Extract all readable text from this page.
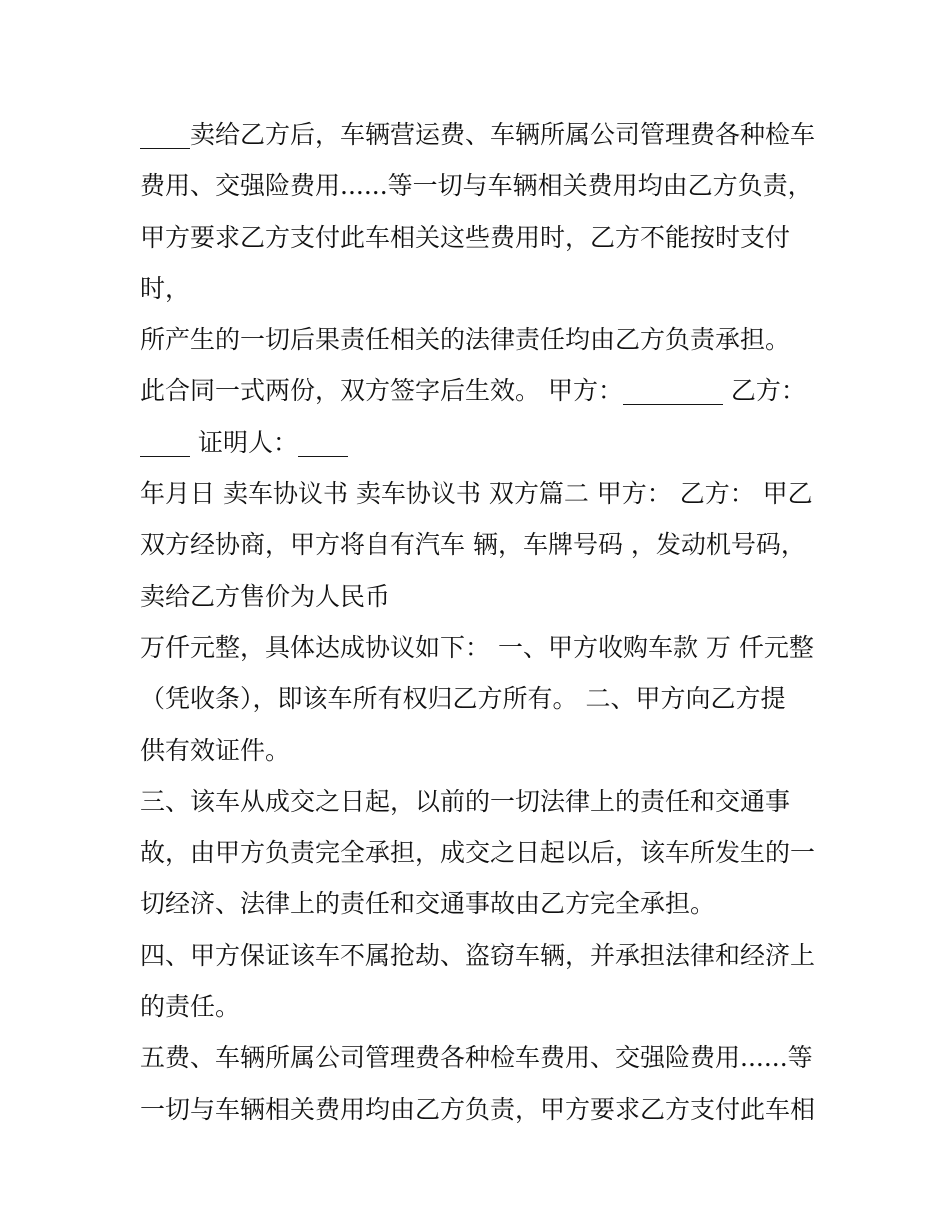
____卖给乙方后，车辆营运费、车辆所属公司管理费各种检车
费用、交强险费用......等一切与车辆相关费用均由乙方负责，
甲方要求乙方支付此车相关这些费用时，乙方不能按时支付
时，
所产生的一切后果责任相关的法律责任均由乙方负责承担。
此合同一式两份，双方签字后生效。 甲方：________ 乙方：
____ 证明人：____
年月日 卖车协议书 卖车协议书 双方篇二 甲方： 乙方： 甲乙
双方经协商，甲方将自有汽车 辆，车牌号码 ，发动机号码，
卖给乙方售价为人民币
万仟元整，具体达成协议如下： 一、甲方收购车款 万 仟元整
（凭收条），即该车所有权归乙方所有。 二、甲方向乙方提
供有效证件。
三、该车从成交之日起，以前的一切法律上的责任和交通事
故，由甲方负责完全承担，成交之日起以后，该车所发生的一
切经济、法律上的责任和交通事故由乙方完全承担。
四、甲方保证该车不属抢劫、盗窃车辆，并承担法律和经济上
的责任。
五费、车辆所属公司管理费各种检车费用、交强险费用......等
一切与车辆相关费用均由乙方负责，甲方要求乙方支付此车相
